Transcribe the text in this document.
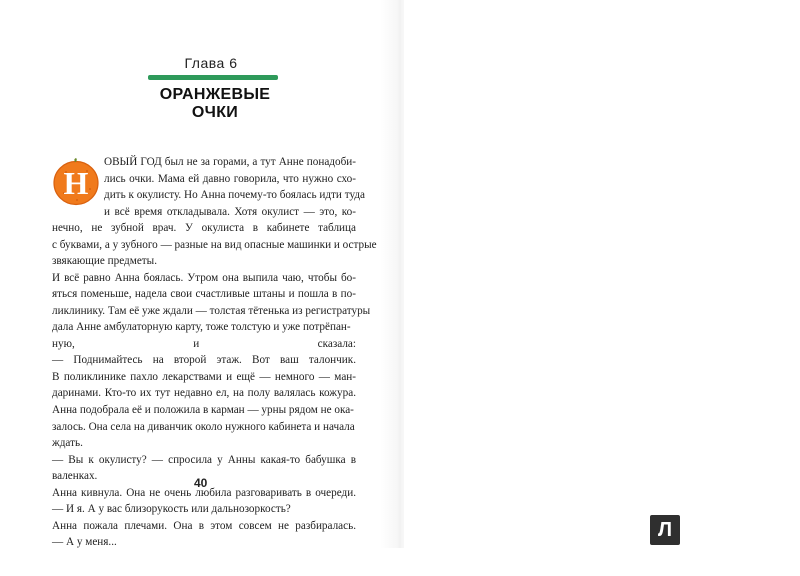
Глава 6
ОРАНЖЕВЫЕ ОЧКИ
Н
ОВЫЙ ГОД был не за горами, а тут Анне понадоби-
лись очки. Мама ей давно говорила, что нужно схо-
дить к окулисту. Но Анна почему-то боялась идти туда
и всё время откладывала. Хотя окулист — это, ко-
нечно, не зубной врач. У окулиста в кабинете таблица
с буквами, а у зубного — разные на вид опасные машинки и острые
звякающие предметы.
И всё равно Анна боялась. Утром она выпила чаю, чтобы бо-
яться поменьше, надела свои счастливые штаны и пошла в по-
ликлинику. Там её уже ждали — толстая тётенька из регистратуры
дала Анне амбулаторную карту, тоже толстую и уже потрёпан-
ную, и сказала:
— Поднимайтесь на второй этаж. Вот ваш талончик.
В поликлинике пахло лекарствами и ещё — немного — ман-
даринами. Кто-то их тут недавно ел, на полу валялась кожура.
Анна подобрала её и положила в карман — урны рядом не ока-
залось. Она села на диванчик около нужного кабинета и начала
ждать.
— Вы к окулисту? — спросила у Анны какая-то бабушка в
валенках.
Анна кивнула. Она не очень любила разговаривать в очереди.
— И я. А у вас близорукость или дальнозоркость?
Анна пожала плечами. Она в этом совсем не разбиралась.
— А у меня...
40
Л
